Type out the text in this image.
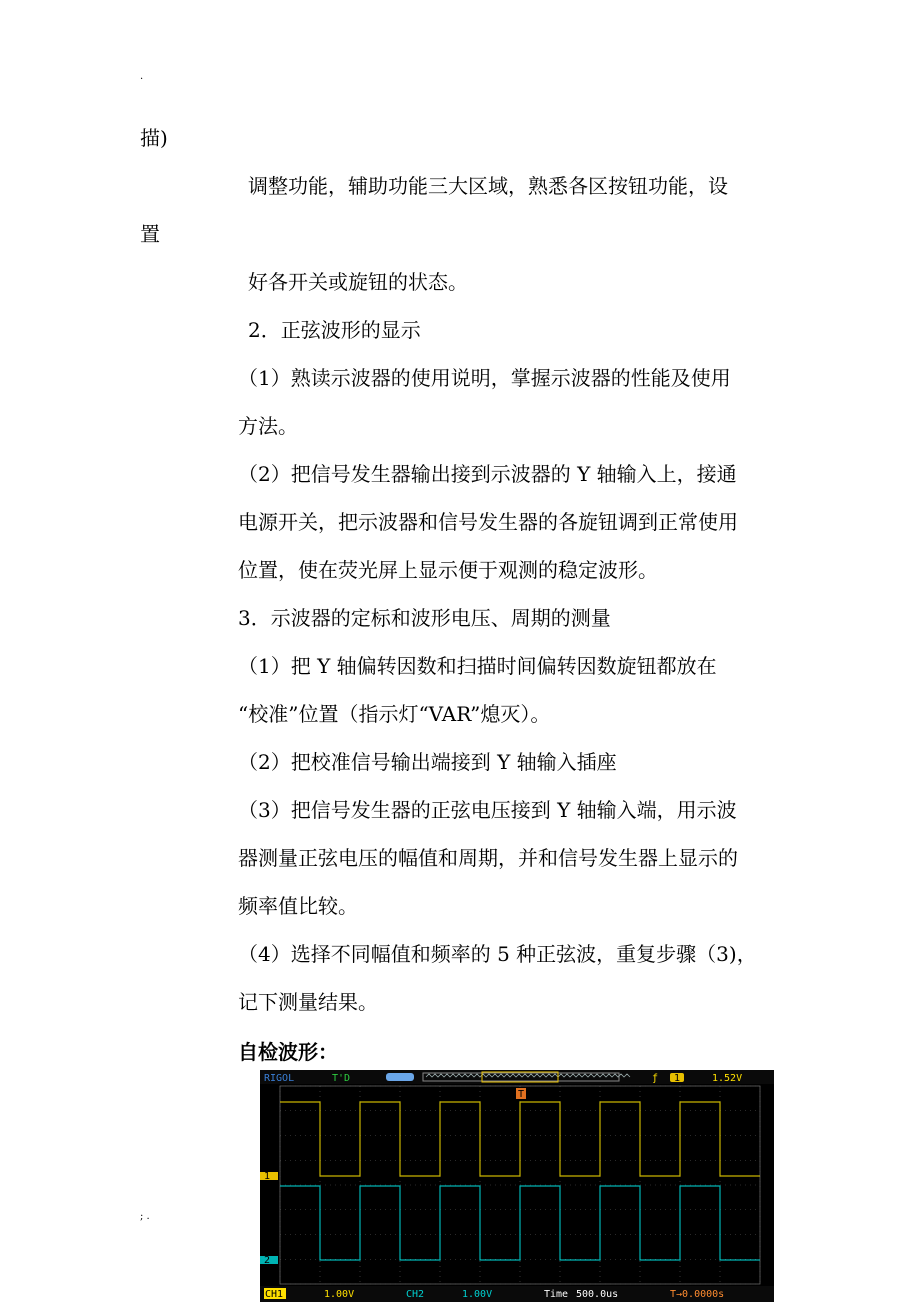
.
描)
调整功能，辅助功能三大区域，熟悉各区按钮功能，设
置
好各开关或旋钮的状态。
2．正弦波形的显示
（1）熟读示波器的使用说明，掌握示波器的性能及使用
方法。
（2）把信号发生器输出接到示波器的 Y 轴输入上，接通
电源开关，把示波器和信号发生器的各旋钮调到正常使用
位置，使在荧光屏上显示便于观测的稳定波形。
3．示波器的定标和波形电压、周期的测量
（1）把 Y 轴偏转因数和扫描时间偏转因数旋钮都放在
“校准”位置（指示灯“VAR”熄灭）。
（2）把校准信号输出端接到 Y 轴输入插座
（3）把信号发生器的正弦电压接到 Y 轴输入端，用示波
器测量正弦电压的幅值和周期，并和信号发生器上显示的
频率值比较。
（4）选择不同幅值和频率的 5 种正弦波，重复步骤（3)，
记下测量结果。
自检波形：
; .
RIGOL	T'D	ƒ 1	1.52V
T
1
2
CH1	1.00V	CH2	1.00V	Time 500.0us	T→0.0000s
